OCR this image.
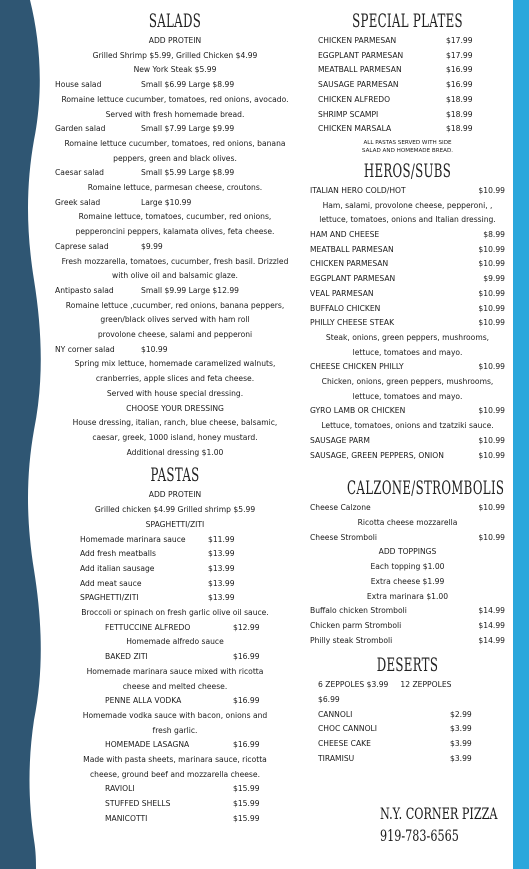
SALADS
ADD PROTEIN
Grilled Shrimp $5.99, Grilled Chicken $4.99
New York Steak $5.99
House salad	Small $6.99 Large $8.99
Romaine lettuce cucumber, tomatoes, red onions, avocado.
Served with fresh homemade bread.
Garden salad	Small $7.99 Large $9.99
Romaine lettuce cucumber, tomatoes, red onions, banana
peppers, green and black olives.
Caesar salad	Small $5.99 Large $8.99
Romaine lettuce, parmesan cheese, croutons.
Greek salad	Large $10.99
Romaine lettuce, tomatoes, cucumber, red onions,
pepperoncini peppers, kalamata olives, feta cheese.
Caprese salad	$9.99
Fresh mozzarella, tomatoes, cucumber, fresh basil. Drizzled
with olive oil and balsamic glaze.
Antipasto salad	Small $9.99 Large $12.99
Romaine lettuce ,cucumber, red onions, banana peppers,
green/black olives served with ham roll
provolone cheese, salami and pepperoni
NY corner salad	$10.99
Spring mix lettuce, homemade caramelized walnuts,
cranberries, apple slices and feta cheese.
Served with house special dressing.
CHOOSE YOUR DRESSING
House dressing, italian, ranch, blue cheese, balsamic,
caesar, greek, 1000 island, honey mustard.
Additional dressing $1.00
PASTAS
ADD PROTEIN
Grilled chicken $4.99 Grilled shrimp $5.99
SPAGHETTI/ZITI
Homemade marinara sauce	$11.99
Add fresh meatballs	$13.99
Add italian sausage	$13.99
Add meat sauce	$13.99
SPAGHETTI/ZITI	$13.99
Broccoli or spinach on fresh garlic olive oil sauce.
FETTUCCINE ALFREDO	$12.99
Homemade alfredo sauce
BAKED ZITI	$16.99
Homemade marinara sauce mixed with ricotta
cheese and melted cheese.
PENNE ALLA VODKA	$16.99
Homemade vodka sauce with bacon, onions and
fresh garlic.
HOMEMADE LASAGNA	$16.99
Made with pasta sheets, marinara sauce, ricotta
cheese, ground beef and mozzarella cheese.
RAVIOLI	$15.99
STUFFED SHELLS	$15.99
MANICOTTI	$15.99
SPECIAL PLATES
CHICKEN PARMESAN	$17.99
EGGPLANT PARMESAN	$17.99
MEATBALL PARMESAN	$16.99
SAUSAGE PARMESAN	$16.99
CHICKEN ALFREDO	$18.99
SHRIMP SCAMPI	$18.99
CHICKEN MARSALA	$18.99
ALL PASTAS SERVED WITH SIDE
SALAD AND HOMEMADE BREAD.
HEROS/SUBS
ITALIAN HERO COLD/HOT	$10.99
Ham, salami, provolone cheese, pepperoni, ,
lettuce, tomatoes, onions and Italian dressing.
HAM AND CHEESE	$8.99
MEATBALL PARMESAN	$10.99
CHICKEN PARMESAN	$10.99
EGGPLANT PARMESAN	$9.99
VEAL PARMESAN	$10.99
BUFFALO CHICKEN	$10.99
PHILLY CHEESE STEAK	$10.99
Steak, onions, green peppers, mushrooms,
lettuce, tomatoes and mayo.
CHEESE CHICKEN PHILLY	$10.99
Chicken, onions, green peppers, mushrooms,
lettuce, tomatoes and mayo.
GYRO LAMB OR CHICKEN	$10.99
Lettuce, tomatoes, onions and tzatziki sauce.
SAUSAGE PARM	$10.99
SAUSAGE, GREEN PEPPERS, ONION	$10.99
CALZONE/STROMBOLIS
Cheese Calzone	$10.99
Ricotta cheese mozzarella
Cheese Stromboli	$10.99
ADD TOPPINGS
Each topping $1.00
Extra cheese $1.99
Extra marinara $1.00
Buffalo chicken Stromboli	$14.99
Chicken parm Stromboli	$14.99
Philly steak Stromboli	$14.99
DESERTS
6 ZEPPOLES $3.99 12 ZEPPOLES
$6.99
CANNOLI	$2.99
CHOC CANNOLI	$3.99
CHEESE CAKE	$3.99
TIRAMISU	$3.99
N.Y. CORNER PIZZA
919-783-6565
